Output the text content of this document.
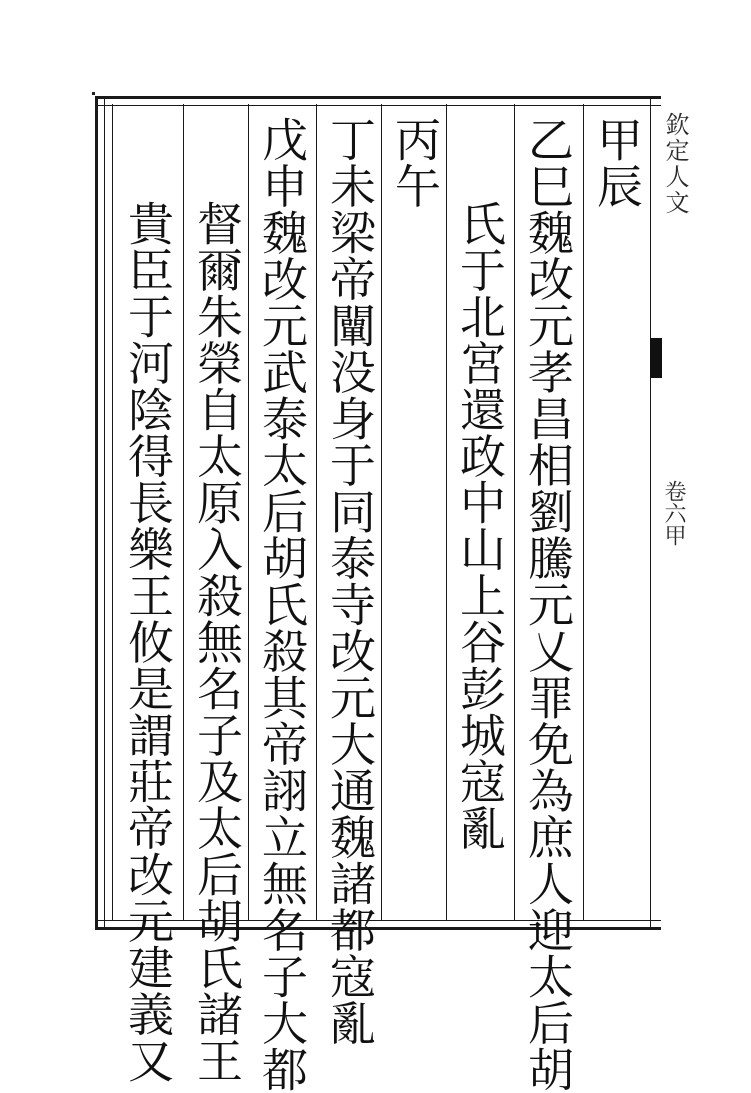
欽定人文
卷六甲
甲辰
乙巳魏改元孝昌相劉騰元乂罪免為庶人迎太后胡
氏于北宮還政中山上谷彭城寇亂
丙午
丁未梁帝闡没身于同泰寺改元大通魏諸都寇亂
戊申魏改元武泰太后胡氏殺其帝詡立無名子大都
督爾朱榮自太原入殺無名子及太后胡氏諸王
貴臣于河陰得長樂王攸是謂莊帝改元建義又
